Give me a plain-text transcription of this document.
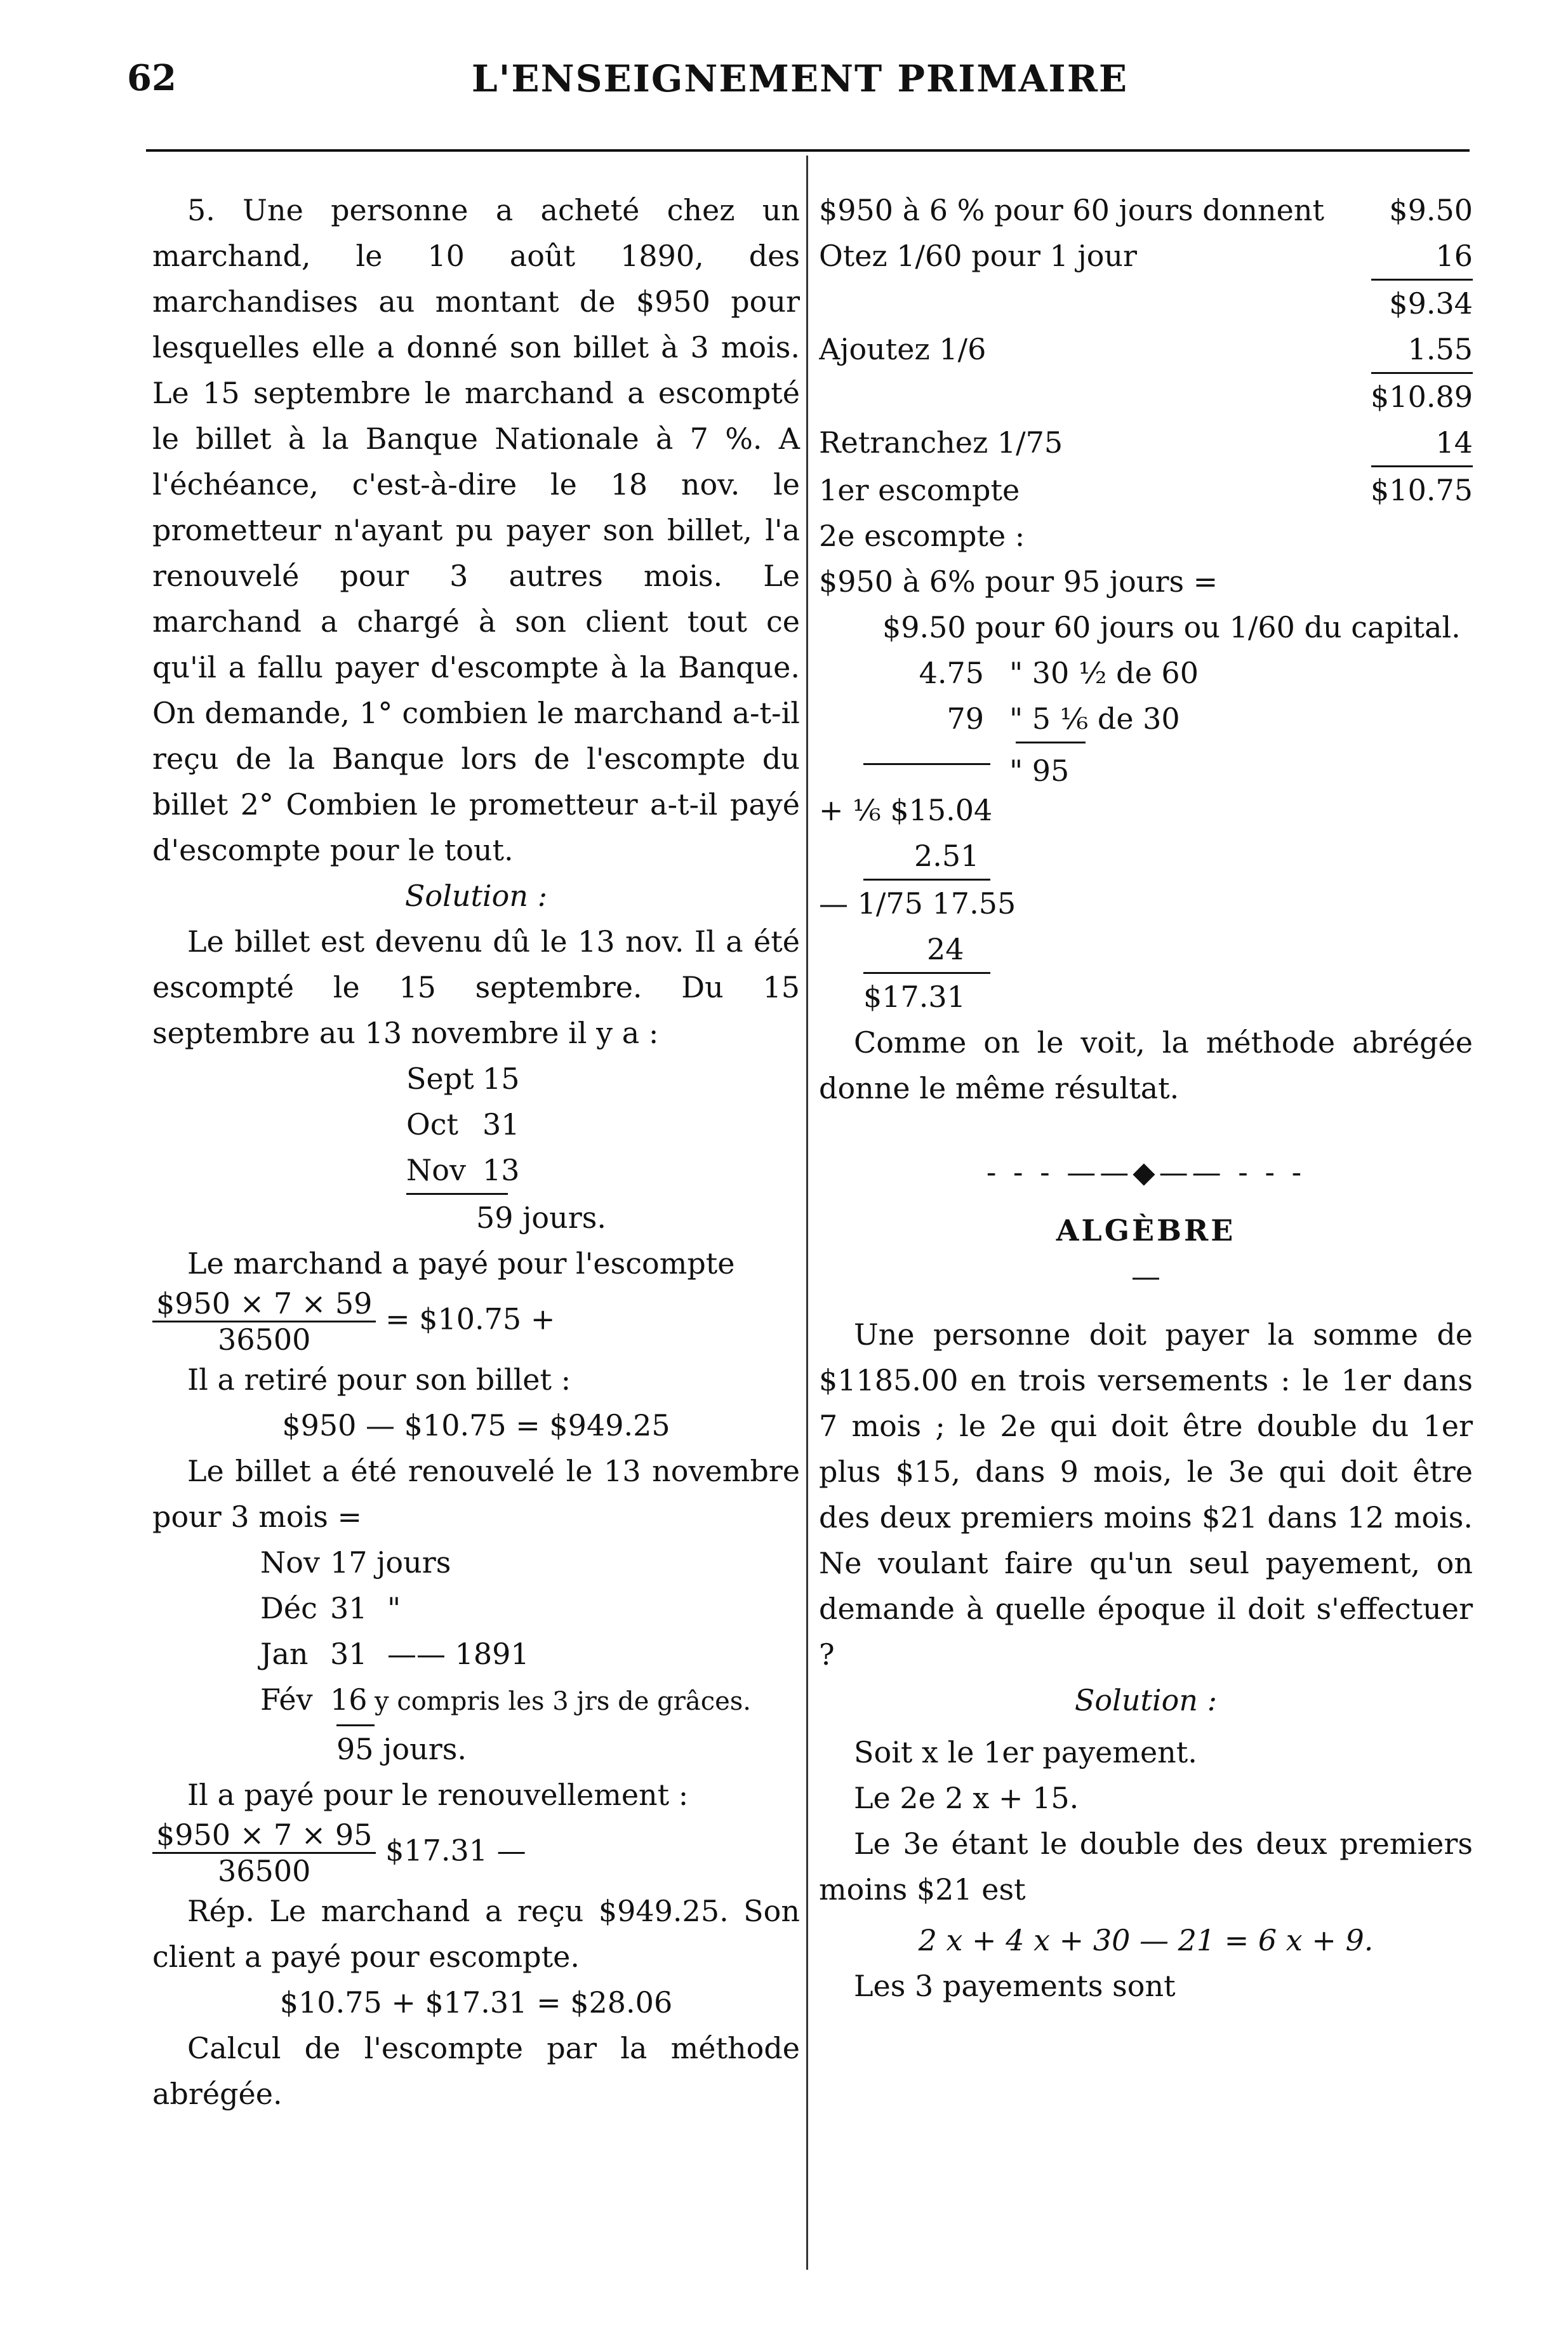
62	L'ENSEIGNEMENT PRIMAIRE
5. Une personne a acheté chez un marchand, le 10 août 1890, des marchandises au montant de $950 pour lesquelles elle a donné son billet à 3 mois. Le 15 septembre le marchand a escompté le billet à la Banque Nationale à 7 %. A l'échéance, c'est-à-dire le 18 nov. le prometteur n'ayant pu payer son billet, l'a renouvelé pour 3 autres mois. Le marchand a chargé à son client tout ce qu'il a fallu payer d'escompte à la Banque. On demande, 1° combien le marchand a-t-il reçu de la Banque lors de l'escompte du billet 2° Combien le prometteur a-t-il payé d'escompte pour le tout.
Solution :
Le billet est devenu dû le 13 nov. Il a été escompté le 15 septembre. Du 15 septembre au 13 novembre il y a :
Sept 15
Oct 31
Nov 13
59 jours.
Le marchand a payé pour l'escompte
$\frac{\$950 \times 7 \times 59}{36500}$ = $10.75 +
Il a retiré pour son billet :
$950 — $10.75 = $949.25
Le billet a été renouvelé le 13 novembre pour 3 mois =
Nov 17 jours
Déc 31 "
Jan 31 —— 1891
Fév 16 y compris les 3 jrs de grâces.
95 jours.
Il a payé pour le renouvellement :
$\frac{\$950 \times 7 \times 95}{36500}$ $17.31 —
Rép. Le marchand a reçu $949.25. Son client a payé pour escompte.
$10.75 + $17.31 = $28.06
Calcul de l'escompte par la méthode abrégée.
$950 à 6 % pour 60 jours donnent	$9.50
Otez 1/60 pour 1 jour	16
$9.34
Ajoutez 1/6	1.55
$10.89
Retranchez 1/75	14
1er escompte	$10.75
2e escompte :
$950 à 6% pour 95 jours =
$9.50 pour 60 jours ou 1/60 du capital.
4.75 " 30 ½ de 60
79 " 5 ⅙ de 30
" 95
+ ⅙ $15.04
2.51
— 1/75 17.55
24
$17.31
Comme on le voit, la méthode abrégée donne le même résultat.
- - - ——◆—— - - -
ALGÈBRE
—
Une personne doit payer la somme de $1185.00 en trois versements : le 1er dans 7 mois ; le 2e qui doit être double du 1er plus $15, dans 9 mois, le 3e qui doit être des deux premiers moins $21 dans 12 mois. Ne voulant faire qu'un seul payement, on demande à quelle époque il doit s'effectuer ?
Solution :
Soit x le 1er payement.
Le 2e 2 x + 15.
Le 3e étant le double des deux premiers moins $21 est
2 x + 4 x + 30 — 21 = 6 x + 9.
Les 3 payements sont
